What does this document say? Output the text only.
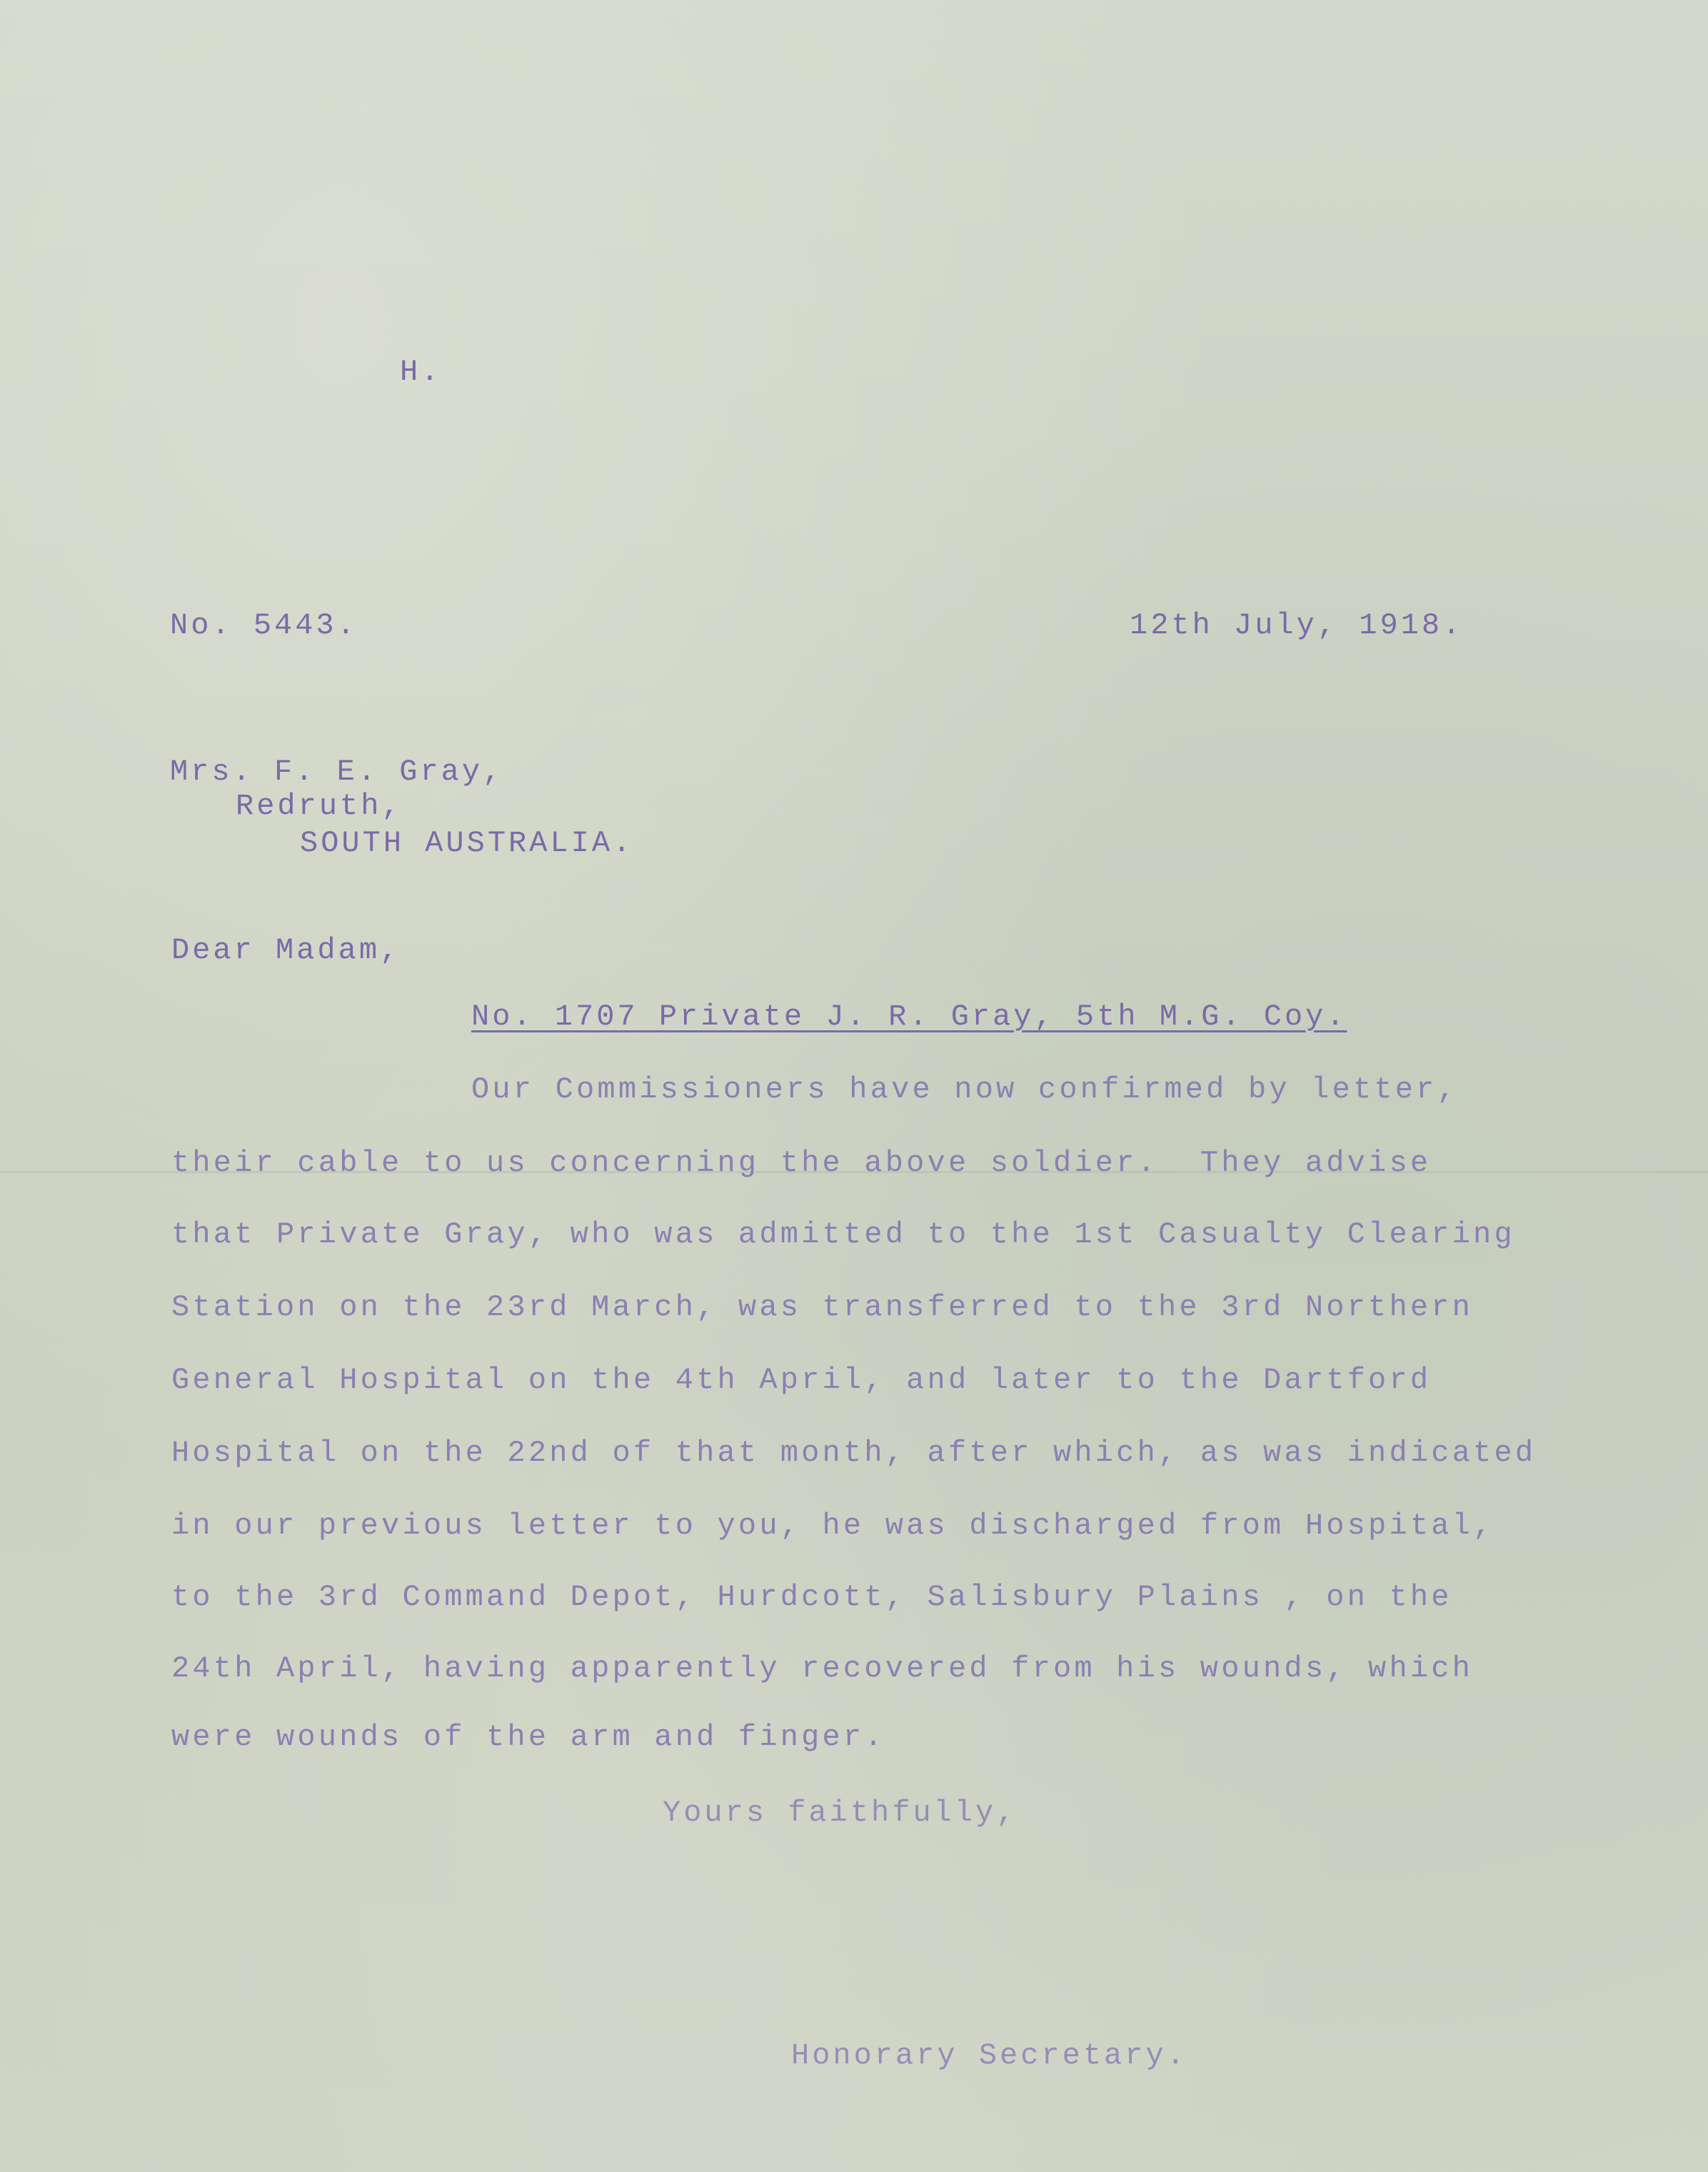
H.
No. 5443.	12th July, 1918.
Mrs. F. E. Gray,
Redruth,
SOUTH AUSTRALIA.
Dear Madam,
No. 1707 Private J. R. Gray, 5th M.G. Coy.
Our Commissioners have now confirmed by letter,
their cable to us concerning the above soldier.  They advise
that Private Gray, who was admitted to the 1st Casualty Clearing
Station on the 23rd March, was transferred to the 3rd Northern
General Hospital on the 4th April, and later to the Dartford
Hospital on the 22nd of that month, after which, as was indicated
in our previous letter to you, he was discharged from Hospital,
to the 3rd Command Depot, Hurdcott, Salisbury Plains , on the
24th April, having apparently recovered from his wounds, which
were wounds of the arm and finger.
Yours faithfully,
Honorary Secretary.
